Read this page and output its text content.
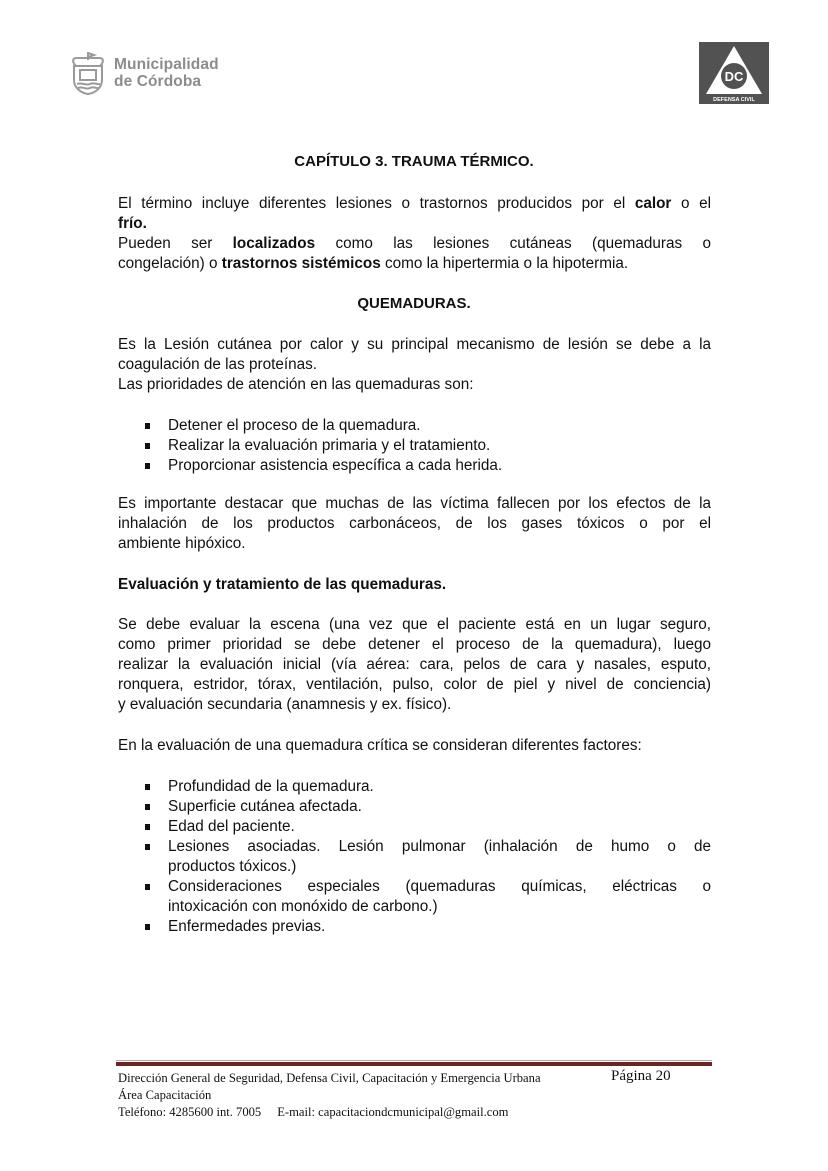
Municipalidad
de Córdoba	DC
DEFENSA CIVIL
CAPÍTULO 3. TRAUMA TÉRMICO.
El término incluye diferentes lesiones o trastornos producidos por el calor o el
frío.
Pueden ser localizados como las lesiones cutáneas (quemaduras o
congelación) o trastornos sistémicos como la hipertermia o la hipotermia.
QUEMADURAS.
Es la Lesión cutánea por calor y su principal mecanismo de lesión se debe a la
coagulación de las proteínas.
Las prioridades de atención en las quemaduras son:
Detener el proceso de la quemadura.
Realizar la evaluación primaria y el tratamiento.
Proporcionar asistencia específica a cada herida.
Es importante destacar que muchas de las víctima fallecen por los efectos de la
inhalación de los productos carbonáceos, de los gases tóxicos o por el
ambiente hipóxico.
Evaluación y tratamiento de las quemaduras.
Se debe evaluar la escena (una vez que el paciente está en un lugar seguro,
como primer prioridad se debe detener el proceso de la quemadura), luego
realizar la evaluación inicial (vía aérea: cara, pelos de cara y nasales, esputo,
ronquera, estridor, tórax, ventilación, pulso, color de piel y nivel de conciencia)
y evaluación secundaria (anamnesis y ex. físico).
En la evaluación de una quemadura crítica se consideran diferentes factores:
Profundidad de la quemadura.
Superficie cutánea afectada.
Edad del paciente.
Lesiones asociadas. Lesión pulmonar (inhalación de humo o de
productos tóxicos.)
Consideraciones especiales (quemaduras químicas, eléctricas o
intoxicación con monóxido de carbono.)
Enfermedades previas.
Dirección General de Seguridad, Defensa Civil, Capacitación y Emergencia Urbana	Página 20
Área Capacitación
Teléfono: 4285600 int. 7005 E-mail: capacitaciondcmunicipal@gmail.com
